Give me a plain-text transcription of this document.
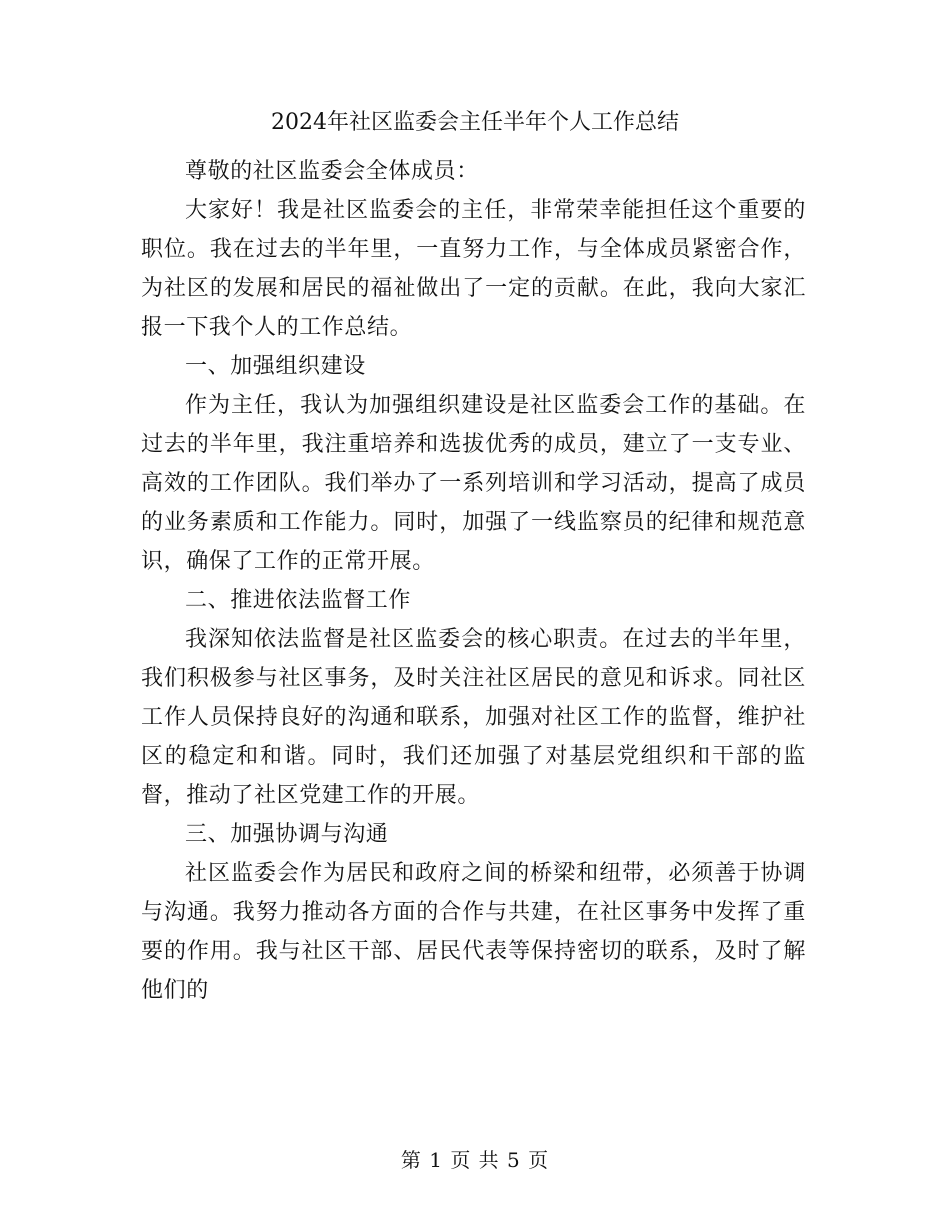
2024年社区监委会主任半年个人工作总结

尊敬的社区监委会全体成员：

大家好！我是社区监委会的主任，非常荣幸能担任这个重要的职位。我在过去的半年里，一直努力工作，与全体成员紧密合作，为社区的发展和居民的福祉做出了一定的贡献。在此，我向大家汇报一下我个人的工作总结。

一、加强组织建设

作为主任，我认为加强组织建设是社区监委会工作的基础。在过去的半年里，我注重培养和选拔优秀的成员，建立了一支专业、高效的工作团队。我们举办了一系列培训和学习活动，提高了成员的业务素质和工作能力。同时，加强了一线监察员的纪律和规范意识，确保了工作的正常开展。

二、推进依法监督工作

我深知依法监督是社区监委会的核心职责。在过去的半年里，我们积极参与社区事务，及时关注社区居民的意见和诉求。同社区工作人员保持良好的沟通和联系，加强对社区工作的监督，维护社区的稳定和和谐。同时，我们还加强了对基层党组织和干部的监督，推动了社区党建工作的开展。

三、加强协调与沟通

社区监委会作为居民和政府之间的桥梁和纽带，必须善于协调与沟通。我努力推动各方面的合作与共建，在社区事务中发挥了重要的作用。我与社区干部、居民代表等保持密切的联系，及时了解他们的

第 1 页 共 5 页
